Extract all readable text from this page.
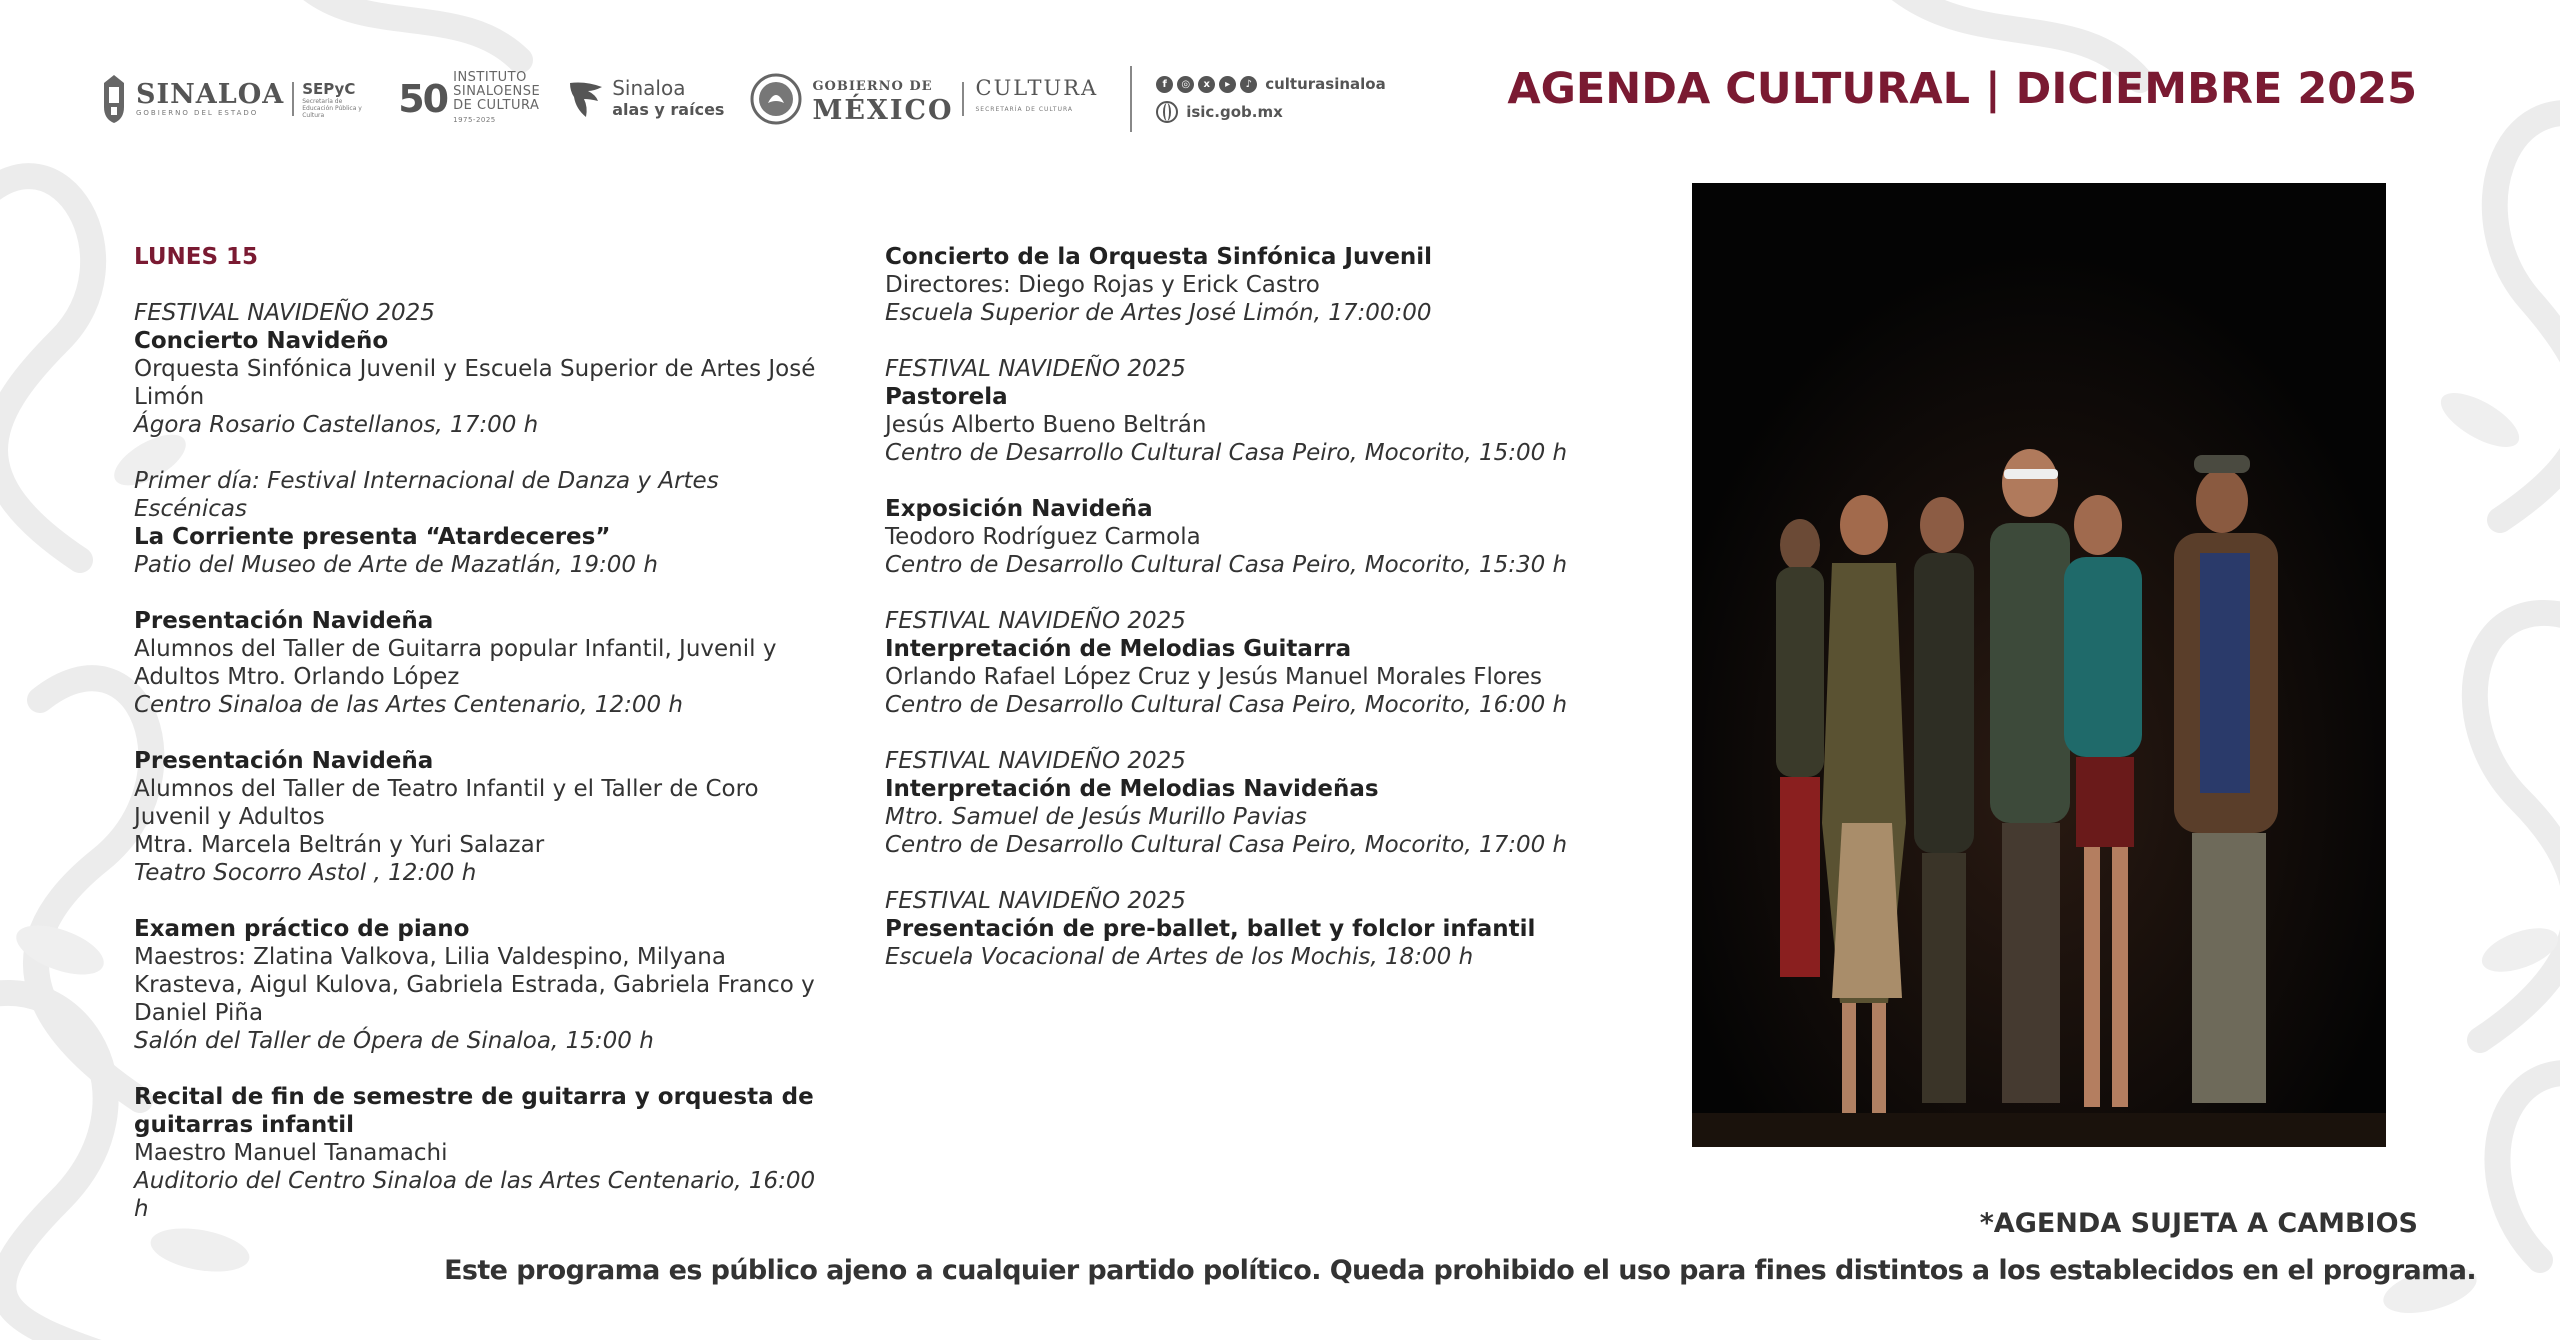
SINALOA
GOBIERNO DEL ESTADO
SEPyC
Secretaría de Educación Pública y Cultura	50 INSTITUTO
SINALOENSE
DE CULTURA
1975-2025
Sinaloa
alas y raíces
GOBIERNO DE
MÉXICO
CULTURA
SECRETARÍA DE CULTURA
f	◎	x	▸	♪ culturasinaloa
isic.gob.mx	AGENDA CULTURAL | DICIEMBRE 2025
LUNES 15

FESTIVAL NAVIDEÑO 2025

Concierto Navideño

Orquesta Sinfónica Juvenil y Escuela Superior de Artes José Limón

Ágora Rosario Castellanos, 17:00 h

Primer día: Festival Internacional de Danza y Artes Escénicas

La Corriente presenta “Atardeceres”

Patio del Museo de Arte de Mazatlán, 19:00 h

Presentación Navideña

Alumnos del Taller de Guitarra popular Infantil, Juvenil y Adultos Mtro. Orlando López

Centro Sinaloa de las Artes Centenario, 12:00 h

Presentación Navideña

Alumnos del Taller de Teatro Infantil y el Taller de Coro Juvenil y Adultos

Mtra. Marcela Beltrán y Yuri Salazar

Teatro Socorro Astol , 12:00 h

Examen práctico de piano

Maestros: Zlatina Valkova, Lilia Valdespino, Milyana Krasteva, Aigul Kulova, Gabriela Estrada, Gabriela Franco y Daniel Piña

Salón del Taller de Ópera de Sinaloa, 15:00 h

Recital de fin de semestre de guitarra y orquesta de guitarras infantil

Maestro Manuel Tanamachi

Auditorio del Centro Sinaloa de las Artes Centenario, 16:00 h

Concierto de la Orquesta Sinfónica Juvenil

Directores: Diego Rojas y Erick Castro

Escuela Superior de Artes José Limón, 17:00:00

FESTIVAL NAVIDEÑO 2025

Pastorela

Jesús Alberto Bueno Beltrán

Centro de Desarrollo Cultural Casa Peiro, Mocorito, 15:00 h

Exposición Navideña

Teodoro Rodríguez Carmola

Centro de Desarrollo Cultural Casa Peiro, Mocorito, 15:30 h

FESTIVAL NAVIDEÑO 2025

Interpretación de Melodias Guitarra

Orlando Rafael López Cruz y Jesús Manuel Morales Flores

Centro de Desarrollo Cultural Casa Peiro, Mocorito, 16:00 h

FESTIVAL NAVIDEÑO 2025

Interpretación de Melodias Navideñas

Mtro. Samuel de Jesús Murillo Pavias

Centro de Desarrollo Cultural Casa Peiro, Mocorito, 17:00 h

FESTIVAL NAVIDEÑO 2025

Presentación de pre-ballet, ballet y folclor infantil

Escuela Vocacional de Artes de los Mochis, 18:00 h

*AGENDA SUJETA A CAMBIOS
Este programa es público ajeno a cualquier partido político. Queda prohibido el uso para fines distintos a los establecidos en el programa.
